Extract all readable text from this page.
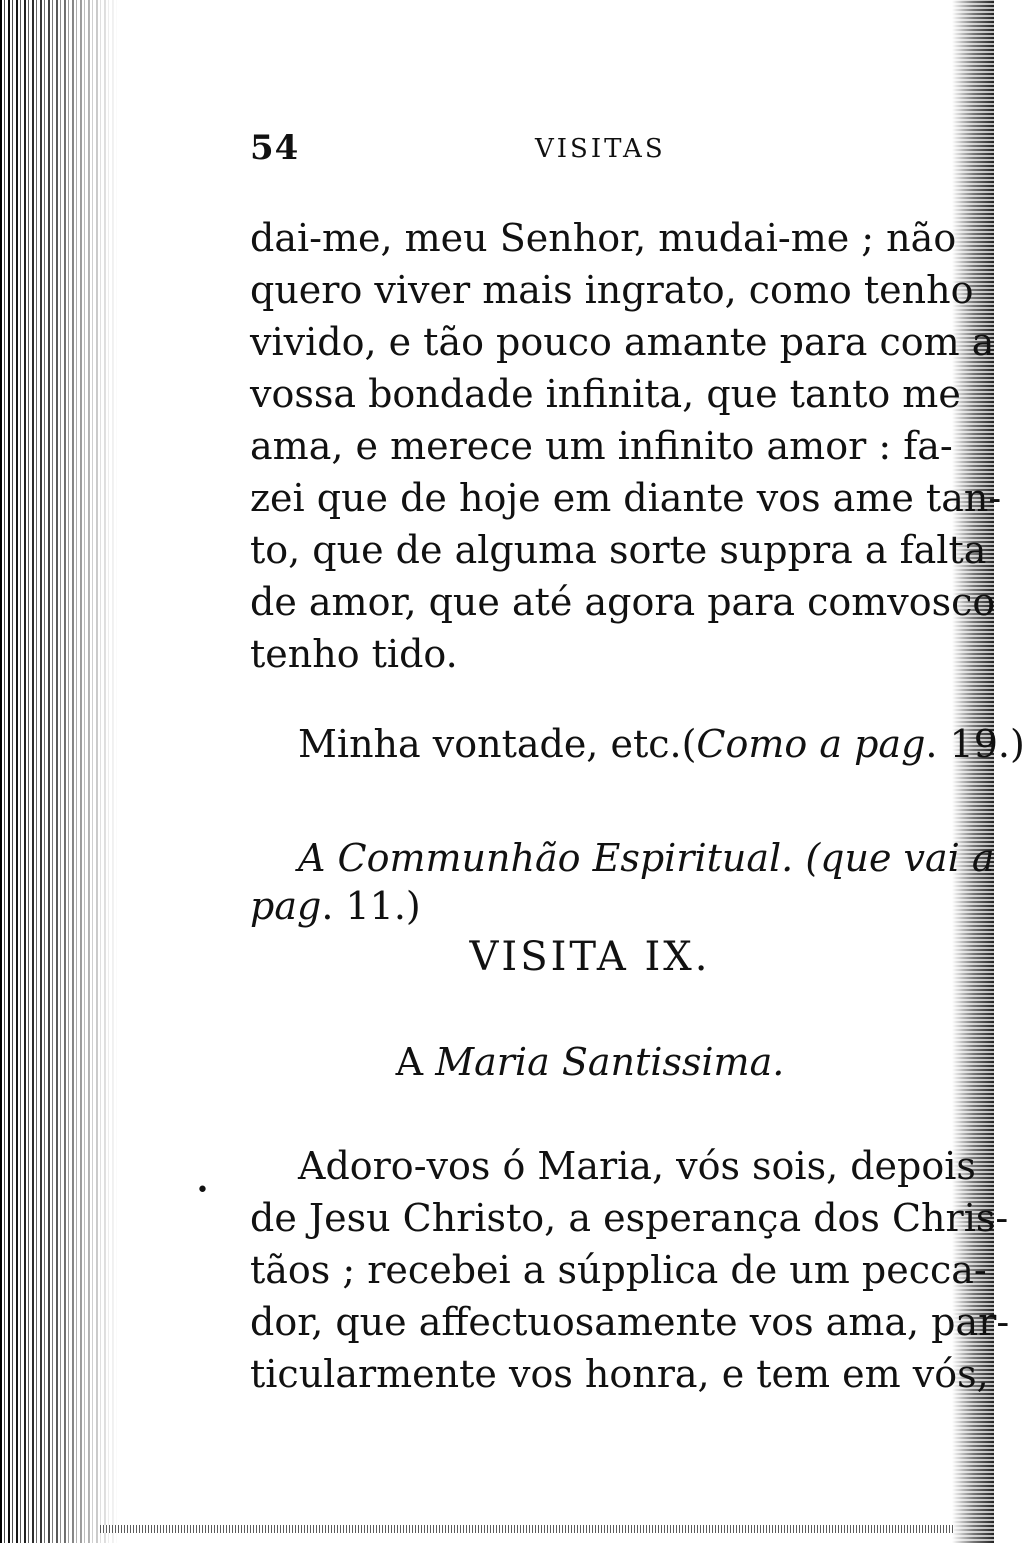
54	VISITAS
dai-me, meu Senhor, mudai-me ; não
quero viver mais ingrato, como tenho
vivido, e tão pouco amante para com a
vossa bondade infinita, que tanto me
ama, e merece um infinito amor : fa-
zei que de hoje em diante vos ame tan-
to, que de alguma sorte suppra a falta
de amor, que até agora para comvosco
tenho tido.
Minha vontade, etc.(Como a pag. 19.)
A Communhão Espiritual. (que vai a
pag. 11.)
VISITA IX.
A Maria Santissima.
•
Adoro-vos ó Maria, vós sois, depois
de Jesu Christo, a esperança dos Chris-
tãos ; recebei a súpplica de um pecca-
dor, que affectuosamente vos ama, par-
ticularmente vos honra, e tem em vós,
